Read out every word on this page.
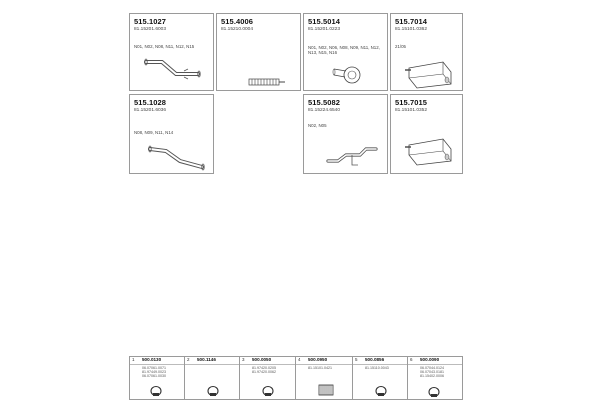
515.1027
81.15201.6003
N01, N02, N08, N11, N12, N15
515.4006
81.15210.0004
515.5014
81.15201.0223
N01, N02, N06, N08, N09, N11, N12, N13, N15, N16
515.7014
81.15101.0362
21/05
515.1028
81.15201.6036
N08, N09, N11, N14
515.5082
81.15224.6540
N02, N05
515.7015
81.15101.0352
1 500.0130
06.07061.0071
81.97449.0023
06.07061.0030
2 500.1146	3 500.0050
81.97420.0205
81.97420.0062
4 500.0950
81.15101.0421
5 500.0856
81.15110.0043
6 500.0090
06.07044.0124
06.07043.0181
81.15402.0006
